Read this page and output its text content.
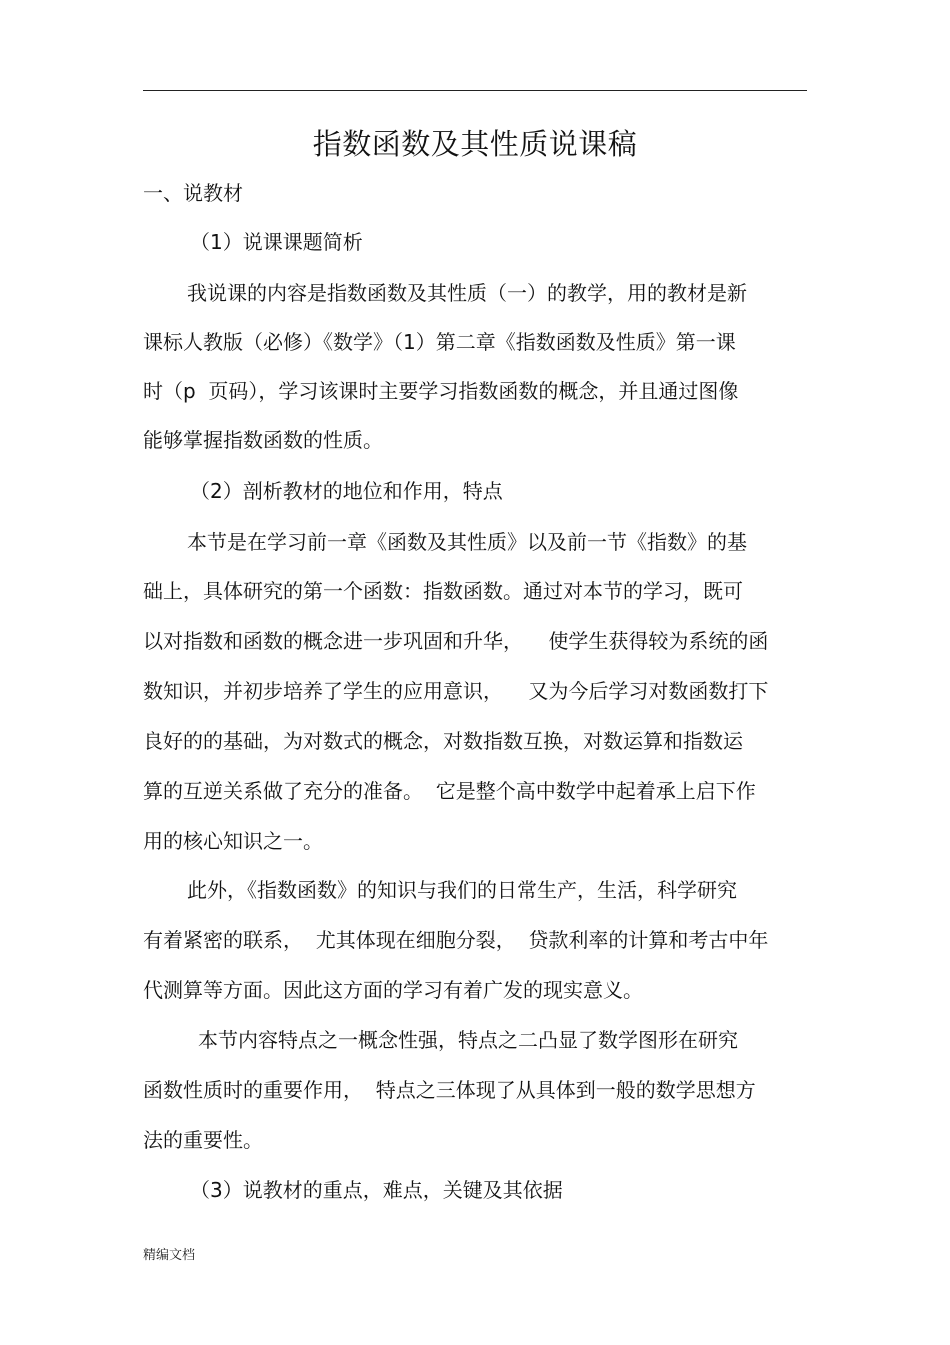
指数函数及其性质说课稿

一、说教材

（1）说课课题简析

我说课的内容是指数函数及其性质（一）的教学，用的教材是新

课标人教版（必修）《数学》（1）第二章《指数函数及性质》第一课

时（p  页码），学习该课时主要学习指数函数的概念，并且通过图像

能够掌握指数函数的性质。

（2）剖析教材的地位和作用，特点

本节是在学习前一章《函数及其性质》以及前一节《指数》的基

础上，具体研究的第一个函数：指数函数。通过对本节的学习，既可

以对指数和函数的概念进一步巩固和升华，    使学生获得较为系统的函

数知识，并初步培养了学生的应用意识，    又为今后学习对数函数打下

良好的的基础，为对数式的概念，对数指数互换，对数运算和指数运

算的互逆关系做了充分的准备。  它是整个高中数学中起着承上启下作

用的核心知识之一。

此外，《指数函数》的知识与我们的日常生产，生活，科学研究

有着紧密的联系，  尤其体现在细胞分裂，  贷款利率的计算和考古中年

代测算等方面。因此这方面的学习有着广发的现实意义。

本节内容特点之一概念性强，特点之二凸显了数学图形在研究

函数性质时的重要作用，  特点之三体现了从具体到一般的数学思想方

法的重要性。

（3）说教材的重点，难点，关键及其依据

精编文档
